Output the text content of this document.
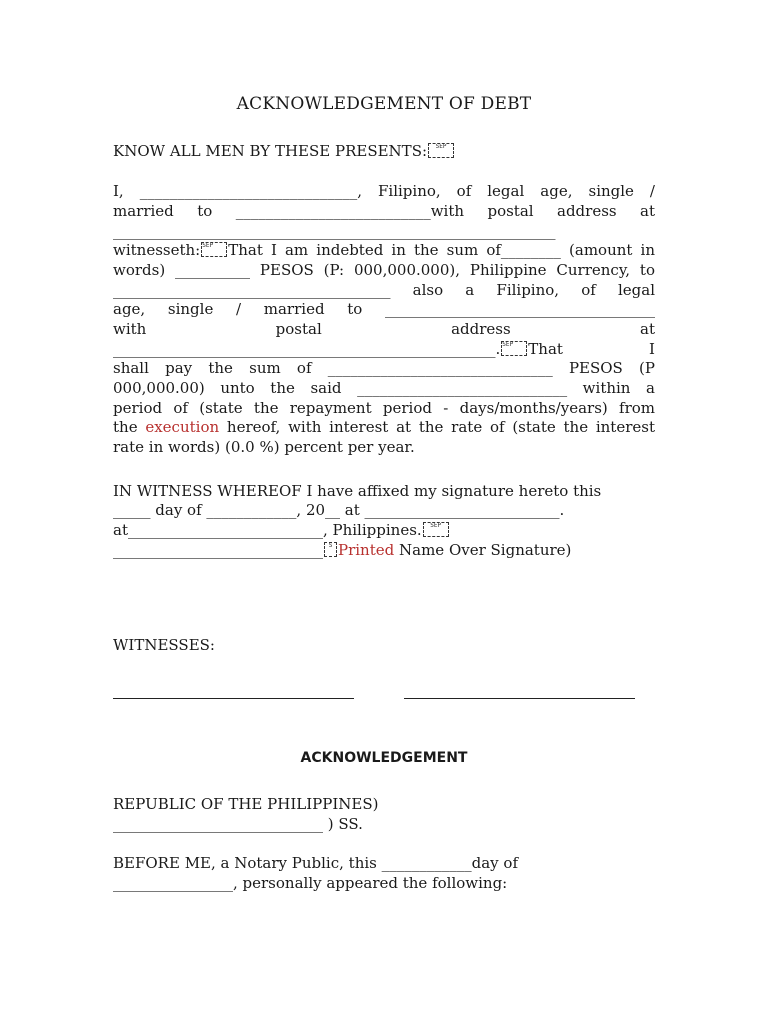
ACKNOWLEDGEMENT OF DEBT
KNOW ALL MEN BY THESE PRESENTS: SEP
I, _____________________________, Filipino, of legal age, single /
married to __________________________with postal address at
___________________________________________________________
witnesseth: SEP That I am indebted in the sum of________ (amount in
words) __________ PESOS (P: 000,000.000), Philippine Currency, to
_____________________________________ also a Filipino, of legal
age, single / married to ____________________________________
with postal address at
___________________________________________________. SEP That I
shall pay the sum of ______________________________ PESOS (P
000,000.00) unto the said ____________________________ within a
period of (state the repayment period - days/months/years) from
the execution hereof, with interest at the rate of (state the interest
rate in words) (0.0 %) percent per year.
IN WITNESS WHEREOF I have affixed my signature hereto this
_____ day of ____________, 20__ at __________________________.
at__________________________, Philippines. SEP
____________________________ S Printed Name Over Signature)
WITNESSES:
ACKNOWLEDGEMENT
REPUBLIC OF THE PHILIPPINES)
____________________________ ) SS.
BEFORE ME, a Notary Public, this ____________day of
________________, personally appeared the following:
